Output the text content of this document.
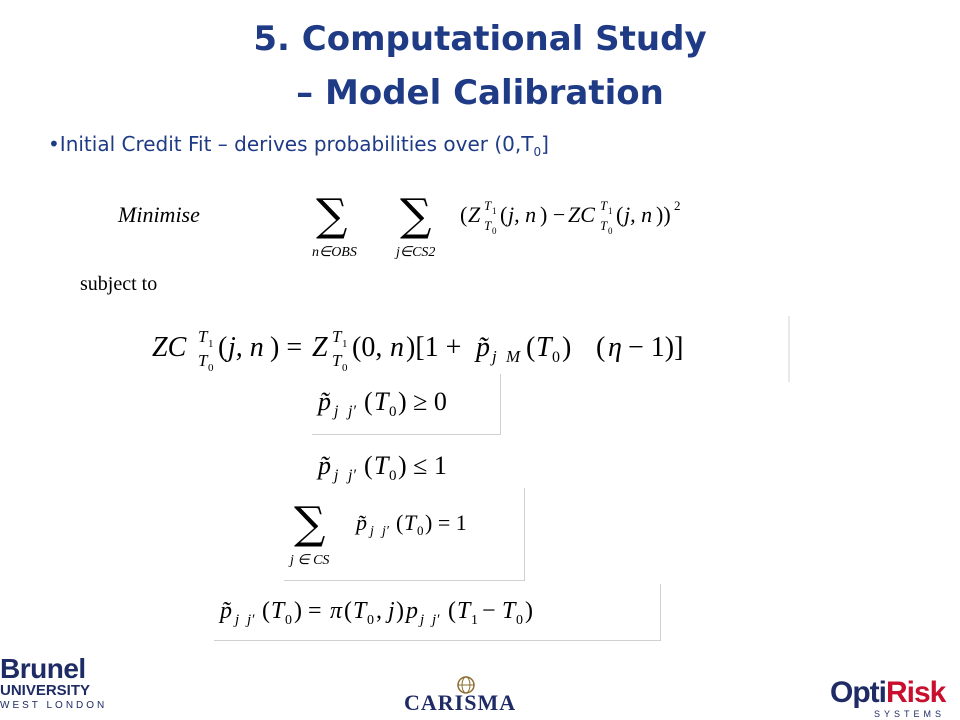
5. Computational Study
– Model Calibration
•Initial Credit Fit – derives probabilities over $(0,T_0]$
Minimise	∑
n∈OBS
∑
j∈CS2
( Z T 1
T 0
( j, n ) − ZC T 1
T 0
( j, n )) 2
subject to
ZC T 1
T 0
( j, n ) = Z T 1
T 0
(0, n )[1 + p̃ j M ( T 0 ) ( η − 1)]
p̃ j j′ ( T 0 ) ≥ 0
p̃ j j′ ( T 0 ) ≤ 1
∑
j ∈ CS
p̃ j j′ ( T 0 ) = 1
p̃ j j′ ( T 0 ) = π ( T 0 , j ) p j j′ ( T 1 − T 0 )
Brunel
UNIVERSITY
WEST LONDON	CARISMA	OptiRisk
SYSTEMS
